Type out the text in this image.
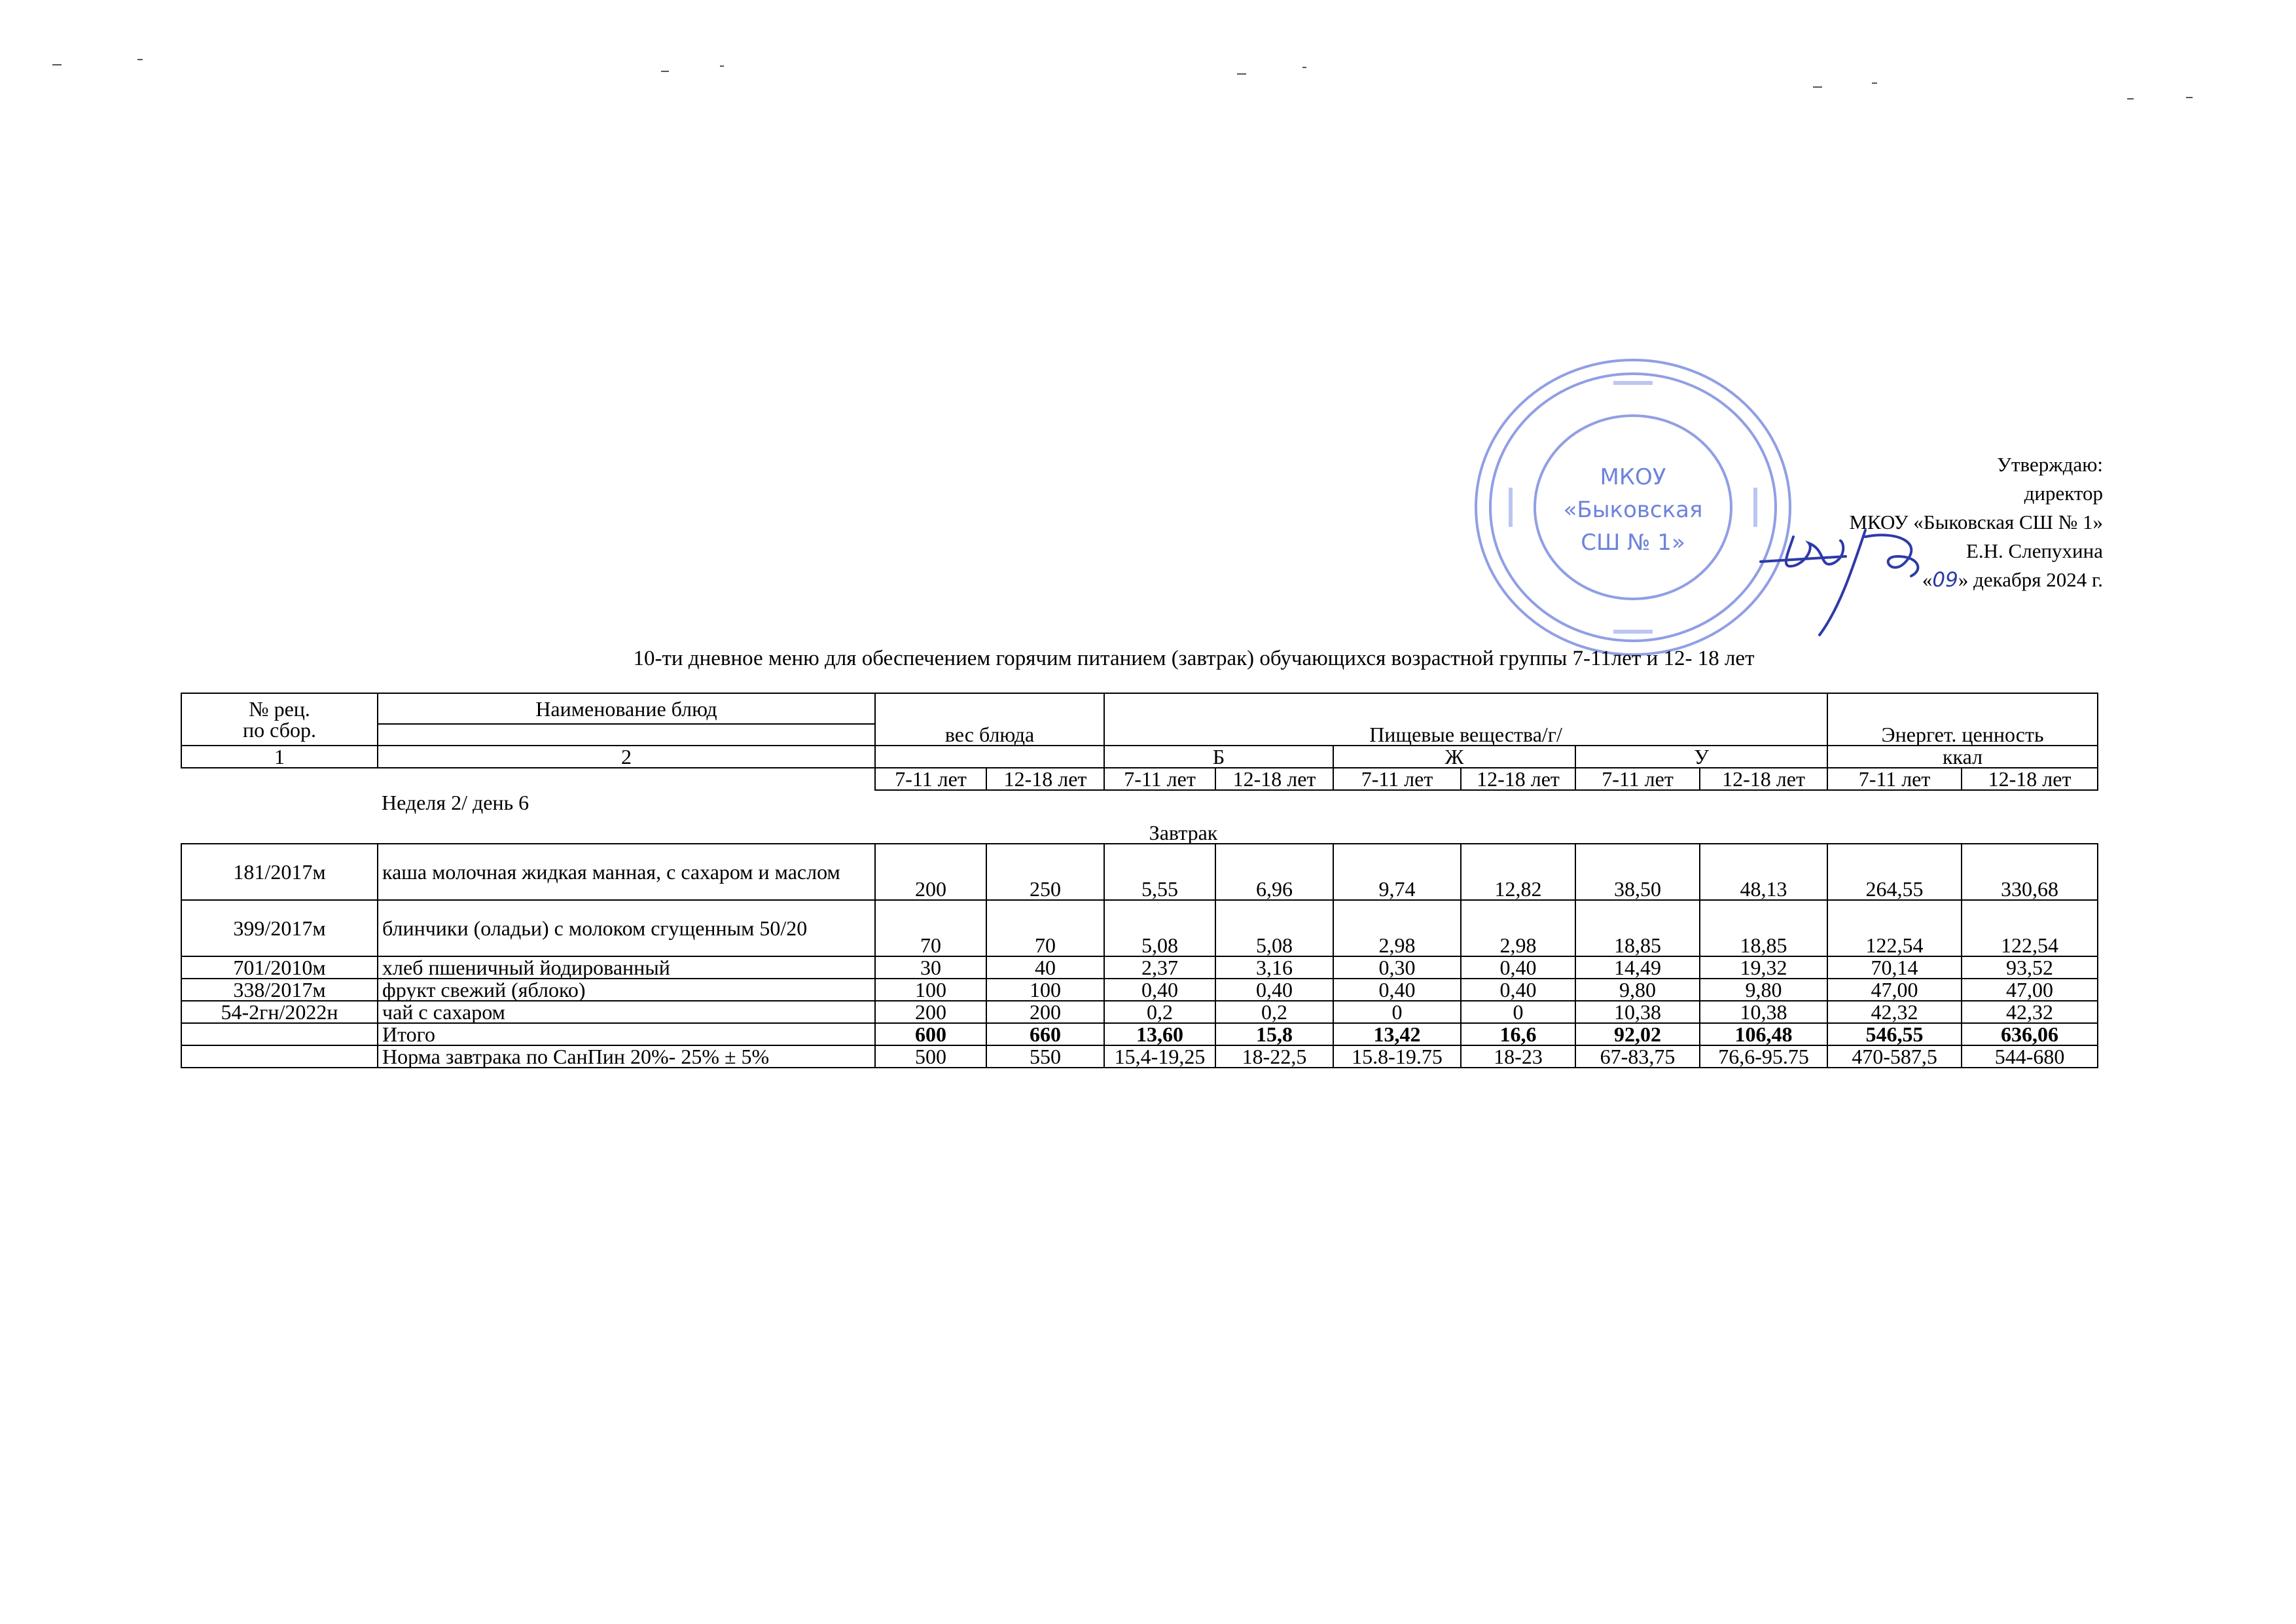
МКОУ
«Быковская
СШ № 1»
Утверждаю:
директор
МКОУ «Быковская СШ № 1»
Е.Н. Слепухина
«09» декабря 2024 г.
10-ти дневное меню для обеспечением горячим питанием (завтрак) обучающихся возрастной группы 7-11лет и 12- 18 лет
№ рец.
по сбор.	Наименование блюд	вес блюда									
				Пищевые вещества/г/						Энергет. ценность	
1	2			Б		Ж		У		ккал	
		7-11 лет	12-18 лет	7-11 лет	12-18 лет	7-11 лет	12-18 лет	7-11 лет	12-18 лет	7-11 лет	12-18 лет
	Неделя 2/ день 6										
Завтрак											
181/2017м	каша молочная жидкая манная, с сахаром и маслом	200	250	5,55	6,96	9,74	12,82	38,50	48,13	264,55	330,68
399/2017м	блинчики (оладьи) с молоком сгущенным 50/20	70	70	5,08	5,08	2,98	2,98	18,85	18,85	122,54	122,54
701/2010м	хлеб пшеничный йодированный	30	40	2,37	3,16	0,30	0,40	14,49	19,32	70,14	93,52
338/2017м	фрукт свежий (яблоко)	100	100	0,40	0,40	0,40	0,40	9,80	9,80	47,00	47,00
54-2гн/2022н	чай с сахаром	200	200	0,2	0,2	0	0	10,38	10,38	42,32	42,32
	Итого	600	660	13,60	15,8	13,42	16,6	92,02	106,48	546,55	636,06
	Норма завтрака по СанПин 20%- 25% ± 5%	500	550	15,4-19,25	18-22,5	15.8-19.75	18-23	67-83,75	76,6-95.75	470-587,5	544-680
